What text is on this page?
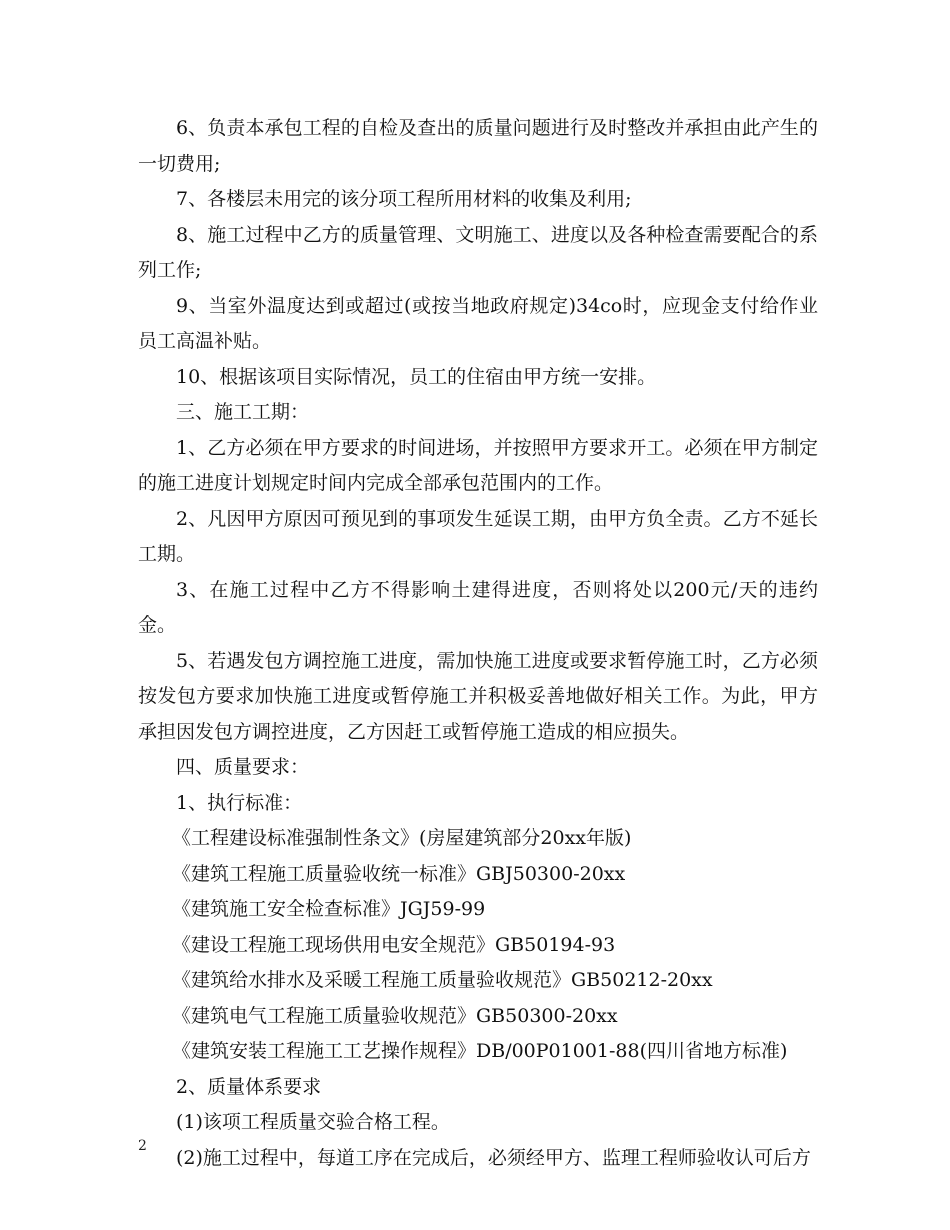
6、负责本承包工程的自检及查出的质量问题进行及时整改并承担由此产生的一切费用;

7、各楼层未用完的该分项工程所用材料的收集及利用;

8、施工过程中乙方的质量管理、文明施工、进度以及各种检查需要配合的系列工作;

9、当室外温度达到或超过(或按当地政府规定)34co时，应现金支付给作业员工高温补贴。

10、根据该项目实际情况，员工的住宿由甲方统一安排。

三、施工工期：

1、乙方必须在甲方要求的时间进场，并按照甲方要求开工。必须在甲方制定的施工进度计划规定时间内完成全部承包范围内的工作。

2、凡因甲方原因可预见到的事项发生延误工期，由甲方负全责。乙方不延长工期。

3、在施工过程中乙方不得影响土建得进度，否则将处以200元/天的违约金。

5、若遇发包方调控施工进度，需加快施工进度或要求暂停施工时，乙方必须按发包方要求加快施工进度或暂停施工并积极妥善地做好相关工作。为此，甲方承担因发包方调控进度，乙方因赶工或暂停施工造成的相应损失。

四、质量要求：

1、执行标准：

《工程建设标准强制性条文》(房屋建筑部分20xx年版)

《建筑工程施工质量验收统一标准》GBJ50300-20xx

《建筑施工安全检查标准》JGJ59-99

《建设工程施工现场供用电安全规范》GB50194-93

《建筑给水排水及采暖工程施工质量验收规范》GB50212-20xx

《建筑电气工程施工质量验收规范》GB50300-20xx

《建筑安装工程施工工艺操作规程》DB/00P01001-88(四川省地方标准)

2、质量体系要求

(1)该项工程质量交验合格工程。

(2)施工过程中，每道工序在完成后，必须经甲方、监理工程师验收认可后方

2
